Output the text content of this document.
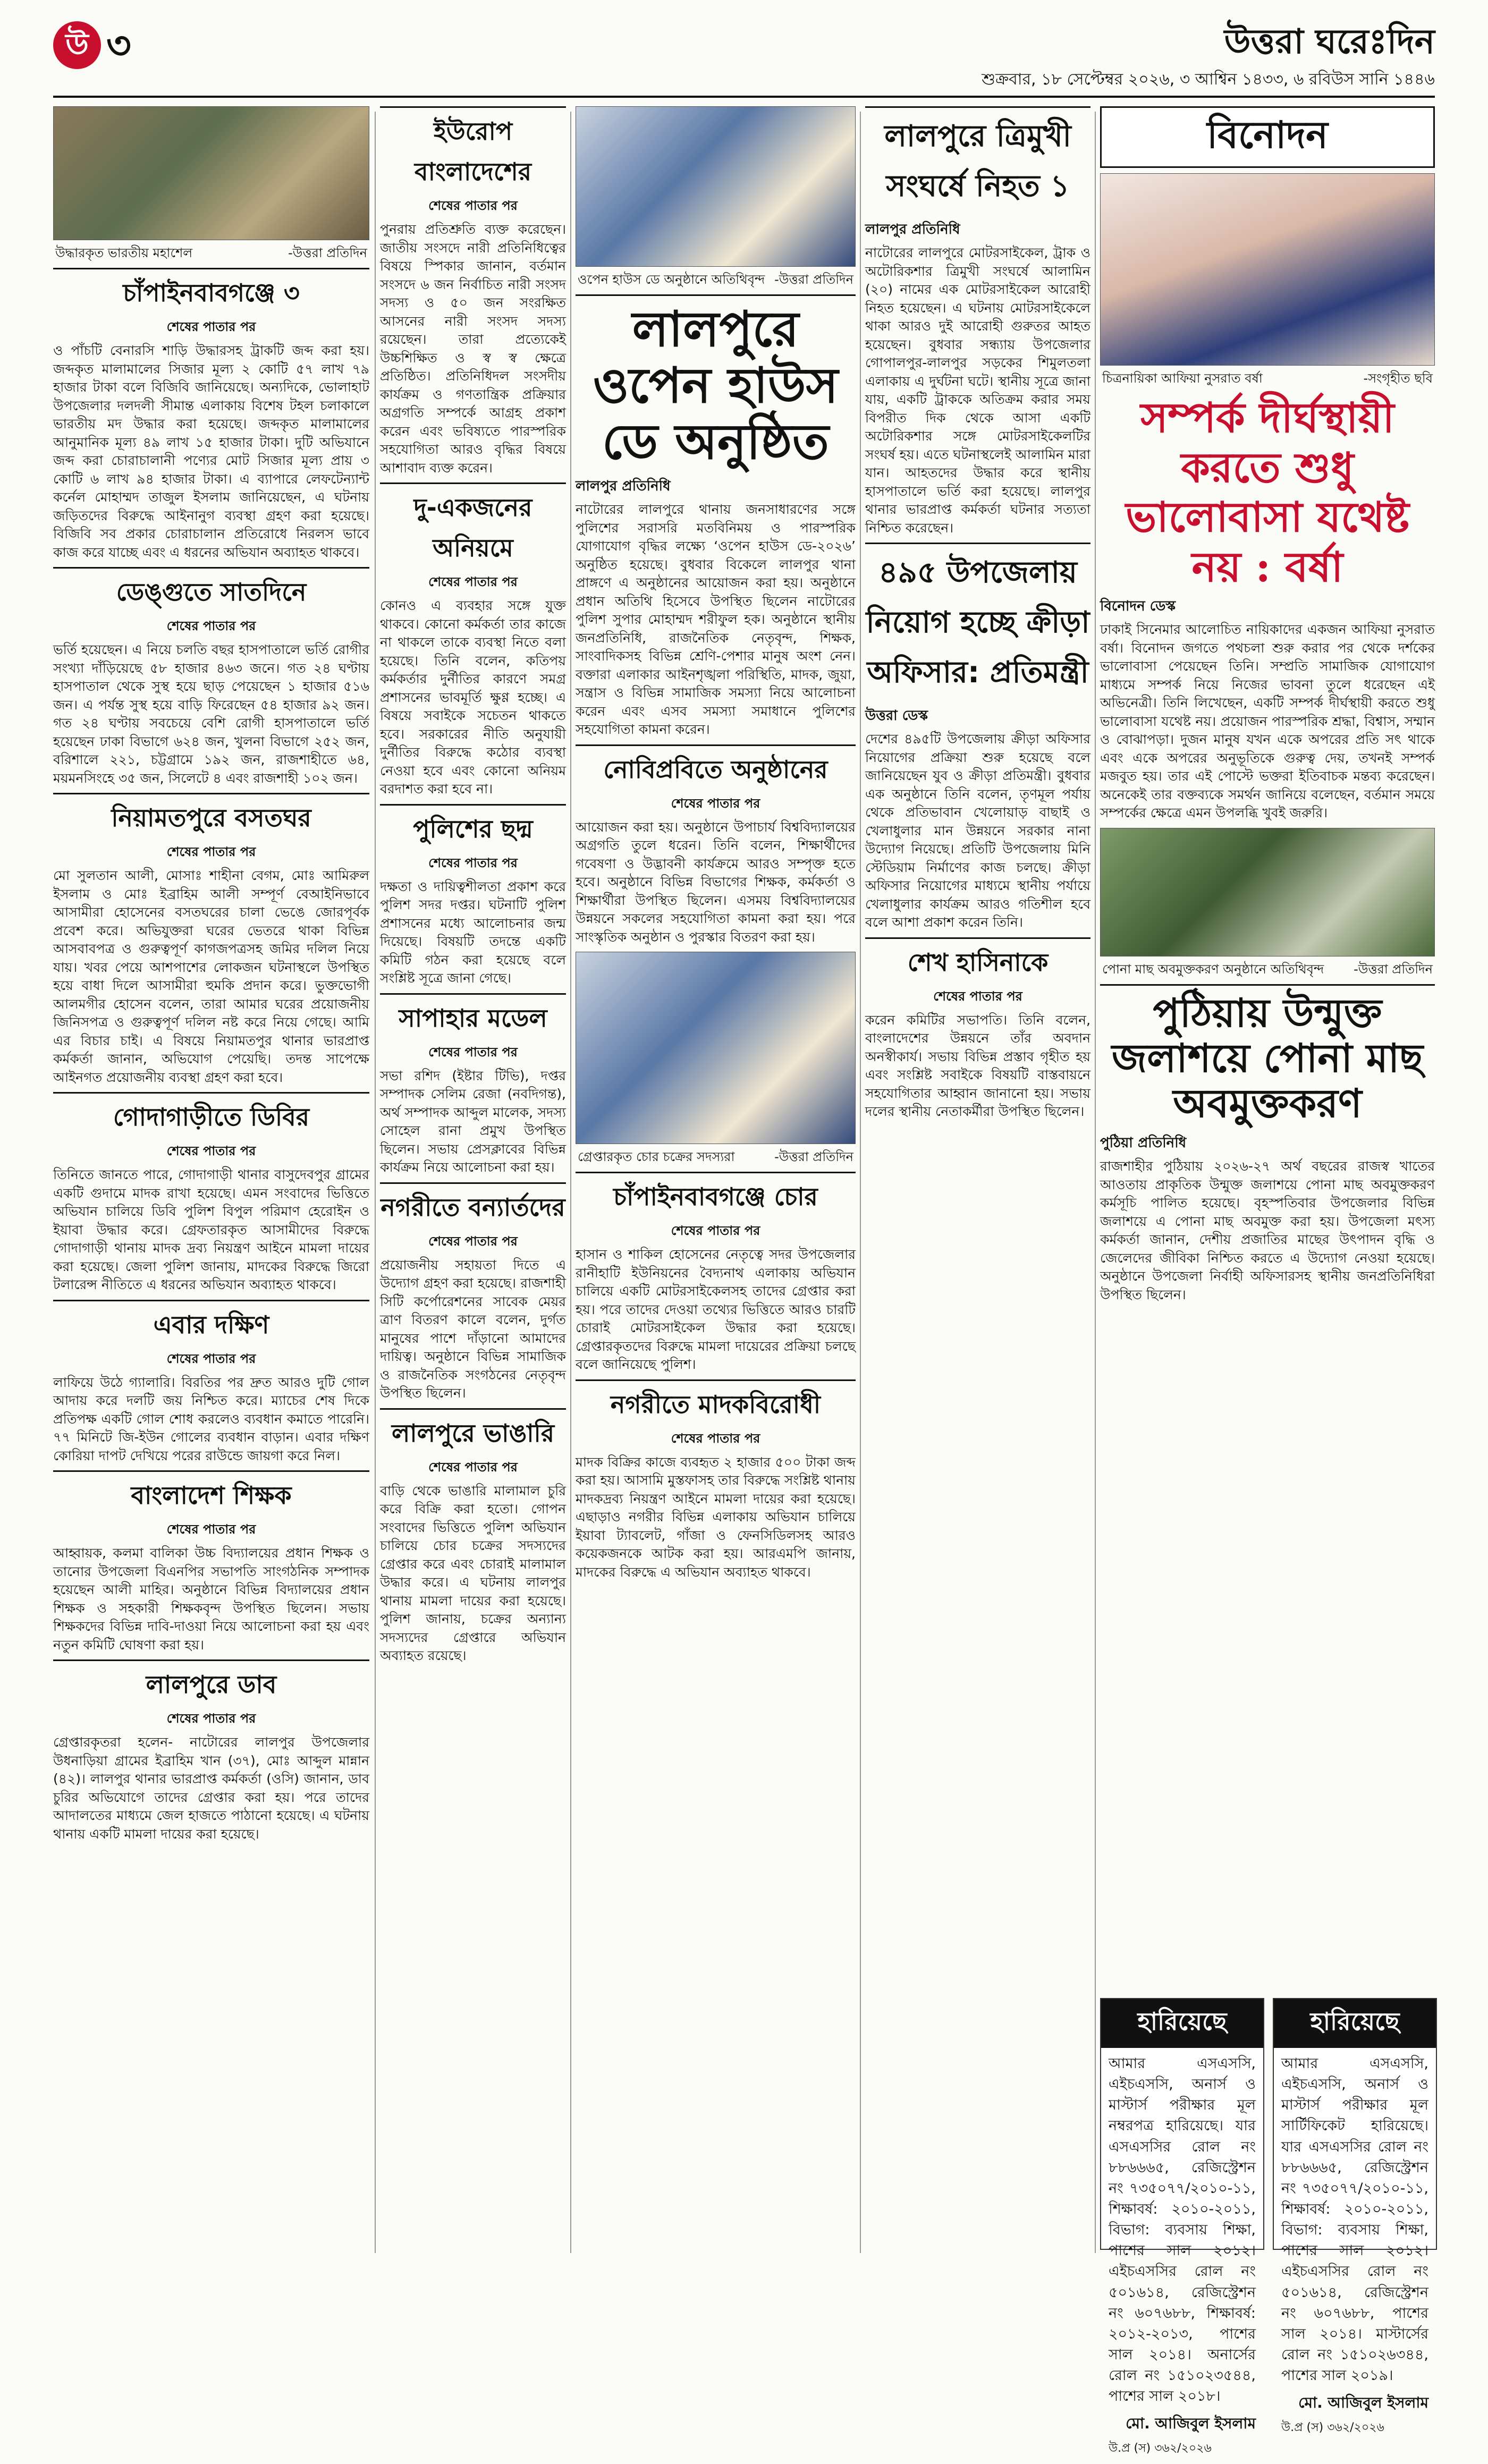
উ ৩	উত্তরা ঘরেঃদিন
শুক্রবার, ১৮ সেপ্টেম্বর ২০২৬, ৩ আশ্বিন ১৪৩৩, ৬ রবিউস সানি ১৪৪৬
উদ্ধারকৃত ভারতীয় মহাশেল	-উত্তরা প্রতিদিন
চাঁপাইনবাবগঞ্জে ৩
শেষের পাতার পর

ও পাঁচটি বেনারসি শাড়ি উদ্ধারসহ ট্রাকটি জব্দ করা হয়। জব্দকৃত মালামালের সিজার মূল্য ২ কোটি ৫৭ লাখ ৭৯ হাজার টাকা বলে বিজিবি জানিয়েছে। অন্যদিকে, ভোলাহাট উপজেলার দলদলী সীমান্ত এলাকায় বিশেষ টহল চলাকালে ভারতীয় মদ উদ্ধার করা হয়েছে। জব্দকৃত মালামালের আনুমানিক মূল্য ৪৯ লাখ ১৫ হাজার টাকা। দুটি অভিযানে জব্দ করা চোরাচালানী পণ্যের মোট সিজার মূল্য প্রায় ৩ কোটি ৬ লাখ ৯৪ হাজার টাকা। এ ব্যাপারে লেফটেন্যান্ট কর্নেল মোহাম্মদ তাজুল ইসলাম জানিয়েছেন, এ ঘটনায় জড়িতদের বিরুদ্ধে আইনানুগ ব্যবস্থা গ্রহণ করা হয়েছে। বিজিবি সব প্রকার চোরাচালান প্রতিরোধে নিরলস ভাবে কাজ করে যাচ্ছে এবং এ ধরনের অভিযান অব্যাহত থাকবে।

ডেঙ্গুতে সাতদিনে
শেষের পাতার পর

ভর্তি হয়েছেন। এ নিয়ে চলতি বছর হাসপাতালে ভর্তি রোগীর সংখ্যা দাঁড়িয়েছে ৫৮ হাজার ৪৬৩ জনে। গত ২৪ ঘণ্টায় হাসপাতাল থেকে সুস্থ হয়ে ছাড় পেয়েছেন ১ হাজার ৫১৬ জন। এ পর্যন্ত সুস্থ হয়ে বাড়ি ফিরেছেন ৫৪ হাজার ৯২ জন। গত ২৪ ঘণ্টায় সবচেয়ে বেশি রোগী হাসপাতালে ভর্তি হয়েছেন ঢাকা বিভাগে ৬২৪ জন, খুলনা বিভাগে ২৫২ জন, বরিশালে ২২১, চট্টগ্রামে ১৯২ জন, রাজশাহীতে ৬৪, ময়মনসিংহে ৩৫ জন, সিলেটে ৪ এবং রাজশাহী ১০২ জন।

নিয়ামতপুরে বসতঘর
শেষের পাতার পর

মো সুলতান আলী, মোসাঃ শাহীনা বেগম, মোঃ আমিরুল ইসলাম ও মোঃ ইব্রাহিম আলী সম্পূর্ণ বেআইনিভাবে আসামীরা হোসেনের বসতঘরের চালা ভেঙে জোরপূর্বক প্রবেশ করে। অভিযুক্তরা ঘরের ভেতরে থাকা বিভিন্ন আসবাবপত্র ও গুরুত্বপূর্ণ কাগজপত্রসহ জমির দলিল নিয়ে যায়। খবর পেয়ে আশপাশের লোকজন ঘটনাস্থলে উপস্থিত হয়ে বাধা দিলে আসামীরা হুমকি প্রদান করে। ভুক্তভোগী আলমগীর হোসেন বলেন, তারা আমার ঘরের প্রয়োজনীয় জিনিসপত্র ও গুরুত্বপূর্ণ দলিল নষ্ট করে নিয়ে গেছে। আমি এর বিচার চাই। এ বিষয়ে নিয়ামতপুর থানার ভারপ্রাপ্ত কর্মকর্তা জানান, অভিযোগ পেয়েছি। তদন্ত সাপেক্ষে আইনগত প্রয়োজনীয় ব্যবস্থা গ্রহণ করা হবে।

গোদাগাড়ীতে ডিবির
শেষের পাতার পর

তিনিতে জানতে পারে, গোদাগাড়ী থানার বাসুদেবপুর গ্রামের একটি গুদামে মাদক রাখা হয়েছে। এমন সংবাদের ভিত্তিতে অভিযান চালিয়ে ডিবি পুলিশ বিপুল পরিমাণ হেরোইন ও ইয়াবা উদ্ধার করে। গ্রেফতারকৃত আসামীদের বিরুদ্ধে গোদাগাড়ী থানায় মাদক দ্রব্য নিয়ন্ত্রণ আইনে মামলা দায়ের করা হয়েছে। জেলা পুলিশ জানায়, মাদকের বিরুদ্ধে জিরো টলারেন্স নীতিতে এ ধরনের অভিযান অব্যাহত থাকবে।

এবার দক্ষিণ
শেষের পাতার পর

লাফিয়ে উঠে গ্যালারি। বিরতির পর দ্রুত আরও দুটি গোল আদায় করে দলটি জয় নিশ্চিত করে। ম্যাচের শেষ দিকে প্রতিপক্ষ একটি গোল শোধ করলেও ব্যবধান কমাতে পারেনি। ৭৭ মিনিটে জি-ইউন গোলের ব্যবধান বাড়ান। এবার দক্ষিণ কোরিয়া দাপট দেখিয়ে পরের রাউন্ডে জায়গা করে নিল।

বাংলাদেশ শিক্ষক
শেষের পাতার পর

আহ্বায়ক, কলমা বালিকা উচ্চ বিদ্যালয়ের প্রধান শিক্ষক ও তানোর উপজেলা বিএনপির সভাপতি সাংগঠনিক সম্পাদক হয়েছেন আলী মাহির। অনুষ্ঠানে বিভিন্ন বিদ্যালয়ের প্রধান শিক্ষক ও সহকারী শিক্ষকবৃন্দ উপস্থিত ছিলেন। সভায় শিক্ষকদের বিভিন্ন দাবি-দাওয়া নিয়ে আলোচনা করা হয় এবং নতুন কমিটি ঘোষণা করা হয়।

লালপুরে ডাব
শেষের পাতার পর

গ্রেপ্তারকৃতরা হলেন- নাটোরের লালপুর উপজেলার উধনাড়িয়া গ্রামের ইব্রাহিম খান (৩৭), মোঃ আব্দুল মান্নান (৪২)। লালপুর থানার ভারপ্রাপ্ত কর্মকর্তা (ওসি) জানান, ডাব চুরির অভিযোগে তাদের গ্রেপ্তার করা হয়। পরে তাদের আদালতের মাধ্যমে জেল হাজতে পাঠানো হয়েছে। এ ঘটনায় থানায় একটি মামলা দায়ের করা হয়েছে।

ইউরোপ বাংলাদেশের
শেষের পাতার পর

পুনরায় প্রতিশ্রুতি ব্যক্ত করেছেন। জাতীয় সংসদে নারী প্রতিনিধিত্বের বিষয়ে স্পিকার জানান, বর্তমান সংসদে ৬ জন নির্বাচিত নারী সংসদ সদস্য ও ৫০ জন সংরক্ষিত আসনের নারী সংসদ সদস্য রয়েছেন। তারা প্রত্যেকেই উচ্চশিক্ষিত ও স্ব স্ব ক্ষেত্রে প্রতিষ্ঠিত। প্রতিনিধিদল সংসদীয় কার্যক্রম ও গণতান্ত্রিক প্রক্রিয়ার অগ্রগতি সম্পর্কে আগ্রহ প্রকাশ করেন এবং ভবিষ্যতে পারস্পরিক সহযোগিতা আরও বৃদ্ধির বিষয়ে আশাবাদ ব্যক্ত করেন।

দু-একজনের অনিয়মে
শেষের পাতার পর

কোনও এ ব্যবহার সঙ্গে যুক্ত থাকবে। কোনো কর্মকর্তা তার কাজে না থাকলে তাকে ব্যবস্থা নিতে বলা হয়েছে। তিনি বলেন, কতিপয় কর্মকর্তার দুর্নীতির কারণে সমগ্র প্রশাসনের ভাবমূর্তি ক্ষুণ্ণ হচ্ছে। এ বিষয়ে সবাইকে সচেতন থাকতে হবে। সরকারের নীতি অনুযায়ী দুর্নীতির বিরুদ্ধে কঠোর ব্যবস্থা নেওয়া হবে এবং কোনো অনিয়ম বরদাশত করা হবে না।

পুলিশের ছদ্ম
শেষের পাতার পর

দক্ষতা ও দায়িত্বশীলতা প্রকাশ করে পুলিশ সদর দপ্তর। ঘটনাটি পুলিশ প্রশাসনের মধ্যে আলোচনার জন্ম দিয়েছে। বিষয়টি তদন্তে একটি কমিটি গঠন করা হয়েছে বলে সংশ্লিষ্ট সূত্রে জানা গেছে।

সাপাহার মডেল
শেষের পাতার পর

সভা রশিদ (ইষ্টার টিভি), দপ্তর সম্পাদক সেলিম রেজা (নবদিগন্ত), অর্থ সম্পাদক আব্দুল মালেক, সদস্য সোহেল রানা প্রমুখ উপস্থিত ছিলেন। সভায় প্রেসক্লাবের বিভিন্ন কার্যক্রম নিয়ে আলোচনা করা হয়।

নগরীতে বন্যার্তদের
শেষের পাতার পর

প্রয়োজনীয় সহায়তা দিতে এ উদ্যোগ গ্রহণ করা হয়েছে। রাজশাহী সিটি কর্পোরেশনের সাবেক মেয়র ত্রাণ বিতরণ কালে বলেন, দুর্গত মানুষের পাশে দাঁড়ানো আমাদের দায়িত্ব। অনুষ্ঠানে বিভিন্ন সামাজিক ও রাজনৈতিক সংগঠনের নেতৃবৃন্দ উপস্থিত ছিলেন।

লালপুরে ভাঙারি
শেষের পাতার পর

বাড়ি থেকে ভাঙারি মালামাল চুরি করে বিক্রি করা হতো। গোপন সংবাদের ভিত্তিতে পুলিশ অভিযান চালিয়ে চোর চক্রের সদস্যদের গ্রেপ্তার করে এবং চোরাই মালামাল উদ্ধার করে। এ ঘটনায় লালপুর থানায় মামলা দায়ের করা হয়েছে। পুলিশ জানায়, চক্রের অন্যান্য সদস্যদের গ্রেপ্তারে অভিযান অব্যাহত রয়েছে।

ওপেন হাউস ডে অনুষ্ঠানে অতিথিবৃন্দ -উত্তরা প্রতিদিন
লালপুরে ওপেন হাউস ডে অনুষ্ঠিত
লালপুর প্রতিনিধি

নাটোরের লালপুরে থানায় জনসাধারণের সঙ্গে পুলিশের সরাসরি মতবিনিময় ও পারস্পরিক যোগাযোগ বৃদ্ধির লক্ষ্যে ‘ওপেন হাউস ডে-২০২৬’ অনুষ্ঠিত হয়েছে। বুধবার বিকেলে লালপুর থানা প্রাঙ্গণে এ অনুষ্ঠানের আয়োজন করা হয়। অনুষ্ঠানে প্রধান অতিথি হিসেবে উপস্থিত ছিলেন নাটোরের পুলিশ সুপার মোহাম্মদ শরীফুল হক। অনুষ্ঠানে স্থানীয় জনপ্রতিনিধি, রাজনৈতিক নেতৃবৃন্দ, শিক্ষক, সাংবাদিকসহ বিভিন্ন শ্রেণি-পেশার মানুষ অংশ নেন। বক্তারা এলাকার আইনশৃঙ্খলা পরিস্থিতি, মাদক, জুয়া, সন্ত্রাস ও বিভিন্ন সামাজিক সমস্যা নিয়ে আলোচনা করেন এবং এসব সমস্যা সমাধানে পুলিশের সহযোগিতা কামনা করেন।

নোবিপ্রবিতে অনুষ্ঠানের
শেষের পাতার পর

আয়োজন করা হয়। অনুষ্ঠানে উপাচার্য বিশ্ববিদ্যালয়ের অগ্রগতি তুলে ধরেন। তিনি বলেন, শিক্ষার্থীদের গবেষণা ও উদ্ভাবনী কার্যক্রমে আরও সম্পৃক্ত হতে হবে। অনুষ্ঠানে বিভিন্ন বিভাগের শিক্ষক, কর্মকর্তা ও শিক্ষার্থীরা উপস্থিত ছিলেন। এসময় বিশ্ববিদ্যালয়ের উন্নয়নে সকলের সহযোগিতা কামনা করা হয়। পরে সাংস্কৃতিক অনুষ্ঠান ও পুরস্কার বিতরণ করা হয়।

গ্রেপ্তারকৃত চোর চক্রের সদস্যরা	-উত্তরা প্রতিদিন
চাঁপাইনবাবগঞ্জে চোর
শেষের পাতার পর

হাসান ও শাকিল হোসেনের নেতৃত্বে সদর উপজেলার রানীহাটি ইউনিয়নের বৈদ্যনাথ এলাকায় অভিযান চালিয়ে একটি মোটরসাইকেলসহ তাদের গ্রেপ্তার করা হয়। পরে তাদের দেওয়া তথ্যের ভিত্তিতে আরও চারটি চোরাই মোটরসাইকেল উদ্ধার করা হয়েছে। গ্রেপ্তারকৃতদের বিরুদ্ধে মামলা দায়েরের প্রক্রিয়া চলছে বলে জানিয়েছে পুলিশ।

নগরীতে মাদকবিরোধী
শেষের পাতার পর

মাদক বিক্রির কাজে ব্যবহৃত ২ হাজার ৫০০ টাকা জব্দ করা হয়। আসামি মুস্তফাসহ তার বিরুদ্ধে সংশ্লিষ্ট থানায় মাদকদ্রব্য নিয়ন্ত্রণ আইনে মামলা দায়ের করা হয়েছে। এছাড়াও নগরীর বিভিন্ন এলাকায় অভিযান চালিয়ে ইয়াবা ট্যাবলেট, গাঁজা ও ফেনসিডিলসহ আরও কয়েকজনকে আটক করা হয়। আরএমপি জানায়, মাদকের বিরুদ্ধে এ অভিযান অব্যাহত থাকবে।

লালপুরে ত্রিমুখী সংঘর্ষে নিহত ১
লালপুর প্রতিনিধি

নাটোরের লালপুরে মোটরসাইকেল, ট্রাক ও অটোরিকশার ত্রিমুখী সংঘর্ষে আলামিন (২০) নামের এক মোটরসাইকেল আরোহী নিহত হয়েছেন। এ ঘটনায় মোটরসাইকেলে থাকা আরও দুই আরোহী গুরুতর আহত হয়েছেন। বুধবার সন্ধ্যায় উপজেলার গোপালপুর-লালপুর সড়কের শিমুলতলা এলাকায় এ দুর্ঘটনা ঘটে। স্থানীয় সূত্রে জানা যায়, একটি ট্রাককে অতিক্রম করার সময় বিপরীত দিক থেকে আসা একটি অটোরিকশার সঙ্গে মোটরসাইকেলটির সংঘর্ষ হয়। এতে ঘটনাস্থলেই আলামিন মারা যান। আহতদের উদ্ধার করে স্থানীয় হাসপাতালে ভর্তি করা হয়েছে। লালপুর থানার ভারপ্রাপ্ত কর্মকর্তা ঘটনার সত্যতা নিশ্চিত করেছেন।

৪৯৫ উপজেলায় নিয়োগ হচ্ছে ক্রীড়া অফিসার: প্রতিমন্ত্রী
উত্তরা ডেস্ক

দেশের ৪৯৫টি উপজেলায় ক্রীড়া অফিসার নিয়োগের প্রক্রিয়া শুরু হয়েছে বলে জানিয়েছেন যুব ও ক্রীড়া প্রতিমন্ত্রী। বুধবার এক অনুষ্ঠানে তিনি বলেন, তৃণমূল পর্যায় থেকে প্রতিভাবান খেলোয়াড় বাছাই ও খেলাধুলার মান উন্নয়নে সরকার নানা উদ্যোগ নিয়েছে। প্রতিটি উপজেলায় মিনি স্টেডিয়াম নির্মাণের কাজ চলছে। ক্রীড়া অফিসার নিয়োগের মাধ্যমে স্থানীয় পর্যায়ে খেলাধুলার কার্যক্রম আরও গতিশীল হবে বলে আশা প্রকাশ করেন তিনি।

শেখ হাসিনাকে
শেষের পাতার পর

করেন কমিটির সভাপতি। তিনি বলেন, বাংলাদেশের উন্নয়নে তাঁর অবদান অনস্বীকার্য। সভায় বিভিন্ন প্রস্তাব গৃহীত হয় এবং সংশ্লিষ্ট সবাইকে বিষয়টি বাস্তবায়নে সহযোগিতার আহ্বান জানানো হয়। সভায় দলের স্থানীয় নেতাকর্মীরা উপস্থিত ছিলেন।

বিনোদন
চিত্রনায়িকা আফিয়া নুসরাত বর্ষা	-সংগৃহীত ছবি
সম্পর্ক দীর্ঘস্থায়ী করতে শুধু ভালোবাসা যথেষ্ট নয় : বর্ষা
বিনোদন ডেস্ক

ঢাকাই সিনেমার আলোচিত নায়িকাদের একজন আফিয়া নুসরাত বর্ষা। বিনোদন জগতে পথচলা শুরু করার পর থেকে দর্শকের ভালোবাসা পেয়েছেন তিনি। সম্প্রতি সামাজিক যোগাযোগ মাধ্যমে সম্পর্ক নিয়ে নিজের ভাবনা তুলে ধরেছেন এই অভিনেত্রী। তিনি লিখেছেন, একটি সম্পর্ক দীর্ঘস্থায়ী করতে শুধু ভালোবাসা যথেষ্ট নয়। প্রয়োজন পারস্পরিক শ্রদ্ধা, বিশ্বাস, সম্মান ও বোঝাপড়া। দুজন মানুষ যখন একে অপরের প্রতি সৎ থাকে এবং একে অপরের অনুভূতিকে গুরুত্ব দেয়, তখনই সম্পর্ক মজবুত হয়। তার এই পোস্টে ভক্তরা ইতিবাচক মন্তব্য করেছেন। অনেকেই তার বক্তব্যকে সমর্থন জানিয়ে বলেছেন, বর্তমান সময়ে সম্পর্কের ক্ষেত্রে এমন উপলব্ধি খুবই জরুরি।

পোনা মাছ অবমুক্তকরণ অনুষ্ঠানে অতিথিবৃন্দ -উত্তরা প্রতিদিন
পুঠিয়ায় উন্মুক্ত জলাশয়ে পোনা মাছ অবমুক্তকরণ
পুঠিয়া প্রতিনিধি

রাজশাহীর পুঠিয়ায় ২০২৬-২৭ অর্থ বছরের রাজস্ব খাতের আওতায় প্রাকৃতিক উন্মুক্ত জলাশয়ে পোনা মাছ অবমুক্তকরণ কর্মসূচি পালিত হয়েছে। বৃহস্পতিবার উপজেলার বিভিন্ন জলাশয়ে এ পোনা মাছ অবমুক্ত করা হয়। উপজেলা মৎস্য কর্মকর্তা জানান, দেশীয় প্রজাতির মাছের উৎপাদন বৃদ্ধি ও জেলেদের জীবিকা নিশ্চিত করতে এ উদ্যোগ নেওয়া হয়েছে। অনুষ্ঠানে উপজেলা নির্বাহী অফিসারসহ স্থানীয় জনপ্রতিনিধিরা উপস্থিত ছিলেন।

হারিয়েছে
আমার এসএসসি, এইচএসসি, অনার্স ও মাস্টার্স পরীক্ষার মূল নম্বরপত্র হারিয়েছে। যার এসএসসির রোল নং ৮৮৬৬৬৫, রেজিস্ট্রেশন নং ৭৩৫০৭৭/২০১০-১১, শিক্ষাবর্ষ: ২০১০-২০১১, বিভাগ: ব্যবসায় শিক্ষা, পাশের সাল ২০১২। এইচএসসির রোল নং ৫০১৬১৪, রেজিস্ট্রেশন নং ৬০৭৬৮৮, শিক্ষাবর্ষ: ২০১২-২০১৩, পাশের সাল ২০১৪। অনার্সের রোল নং ১৫১০২৩৫৪৪, পাশের সাল ২০১৮।
মো. আজিবুল ইসলাম
উ.প্র (স) ৩৬২/২০২৬
হারিয়েছে
আমার এসএসসি, এইচএসসি, অনার্স ও মাস্টার্স পরীক্ষার মূল সার্টিফিকেট হারিয়েছে। যার এসএসসির রোল নং ৮৮৬৬৬৫, রেজিস্ট্রেশন নং ৭৩৫০৭৭/২০১০-১১, শিক্ষাবর্ষ: ২০১০-২০১১, বিভাগ: ব্যবসায় শিক্ষা, পাশের সাল ২০১২। এইচএসসির রোল নং ৫০১৬১৪, রেজিস্ট্রেশন নং ৬০৭৬৮৮, পাশের সাল ২০১৪। মাস্টার্সের রোল নং ১৫১০২৬৩৪৪, পাশের সাল ২০১৯।
মো. আজিবুল ইসলাম
উ.প্র (স) ৩৬২/২০২৬
